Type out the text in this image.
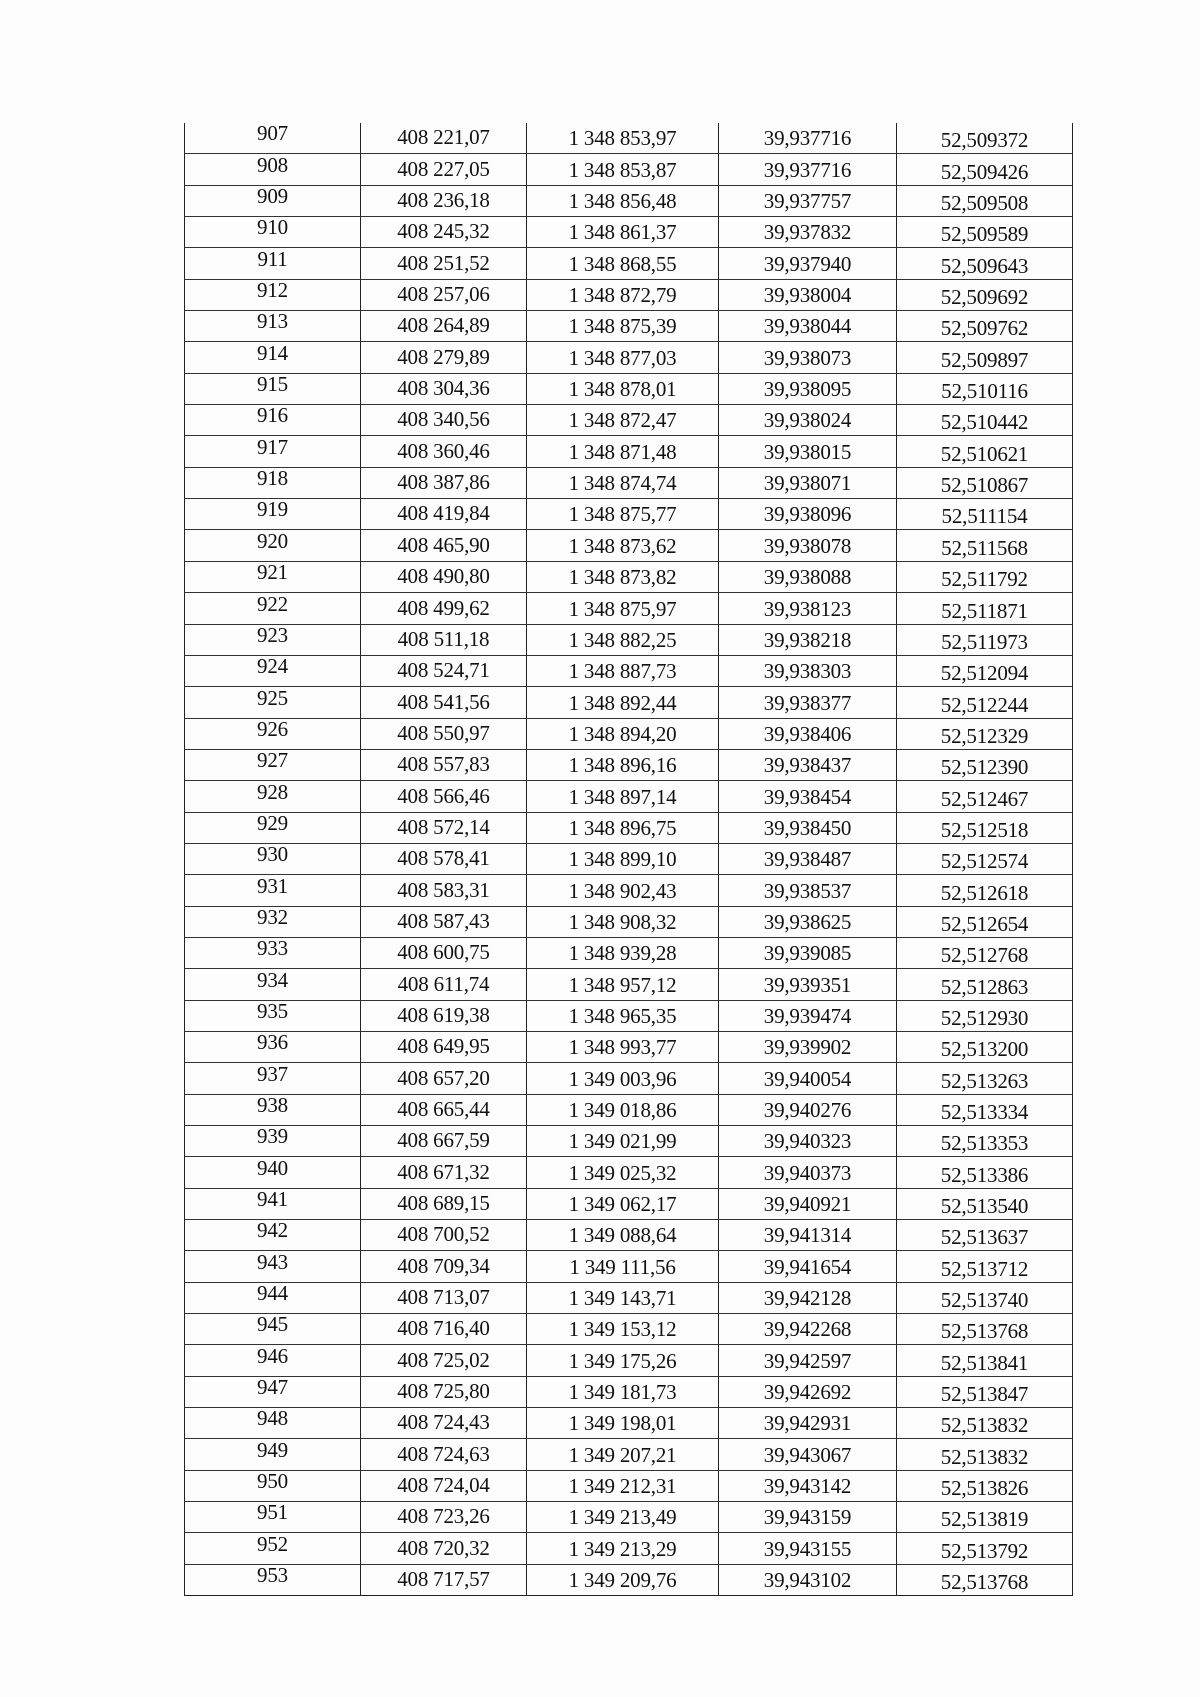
907	408 221,07	1 348 853,97	39,937716	52,509372
908	408 227,05	1 348 853,87	39,937716	52,509426
909	408 236,18	1 348 856,48	39,937757	52,509508
910	408 245,32	1 348 861,37	39,937832	52,509589
911	408 251,52	1 348 868,55	39,937940	52,509643
912	408 257,06	1 348 872,79	39,938004	52,509692
913	408 264,89	1 348 875,39	39,938044	52,509762
914	408 279,89	1 348 877,03	39,938073	52,509897
915	408 304,36	1 348 878,01	39,938095	52,510116
916	408 340,56	1 348 872,47	39,938024	52,510442
917	408 360,46	1 348 871,48	39,938015	52,510621
918	408 387,86	1 348 874,74	39,938071	52,510867
919	408 419,84	1 348 875,77	39,938096	52,511154
920	408 465,90	1 348 873,62	39,938078	52,511568
921	408 490,80	1 348 873,82	39,938088	52,511792
922	408 499,62	1 348 875,97	39,938123	52,511871
923	408 511,18	1 348 882,25	39,938218	52,511973
924	408 524,71	1 348 887,73	39,938303	52,512094
925	408 541,56	1 348 892,44	39,938377	52,512244
926	408 550,97	1 348 894,20	39,938406	52,512329
927	408 557,83	1 348 896,16	39,938437	52,512390
928	408 566,46	1 348 897,14	39,938454	52,512467
929	408 572,14	1 348 896,75	39,938450	52,512518
930	408 578,41	1 348 899,10	39,938487	52,512574
931	408 583,31	1 348 902,43	39,938537	52,512618
932	408 587,43	1 348 908,32	39,938625	52,512654
933	408 600,75	1 348 939,28	39,939085	52,512768
934	408 611,74	1 348 957,12	39,939351	52,512863
935	408 619,38	1 348 965,35	39,939474	52,512930
936	408 649,95	1 348 993,77	39,939902	52,513200
937	408 657,20	1 349 003,96	39,940054	52,513263
938	408 665,44	1 349 018,86	39,940276	52,513334
939	408 667,59	1 349 021,99	39,940323	52,513353
940	408 671,32	1 349 025,32	39,940373	52,513386
941	408 689,15	1 349 062,17	39,940921	52,513540
942	408 700,52	1 349 088,64	39,941314	52,513637
943	408 709,34	1 349 111,56	39,941654	52,513712
944	408 713,07	1 349 143,71	39,942128	52,513740
945	408 716,40	1 349 153,12	39,942268	52,513768
946	408 725,02	1 349 175,26	39,942597	52,513841
947	408 725,80	1 349 181,73	39,942692	52,513847
948	408 724,43	1 349 198,01	39,942931	52,513832
949	408 724,63	1 349 207,21	39,943067	52,513832
950	408 724,04	1 349 212,31	39,943142	52,513826
951	408 723,26	1 349 213,49	39,943159	52,513819
952	408 720,32	1 349 213,29	39,943155	52,513792
953	408 717,57	1 349 209,76	39,943102	52,513768
